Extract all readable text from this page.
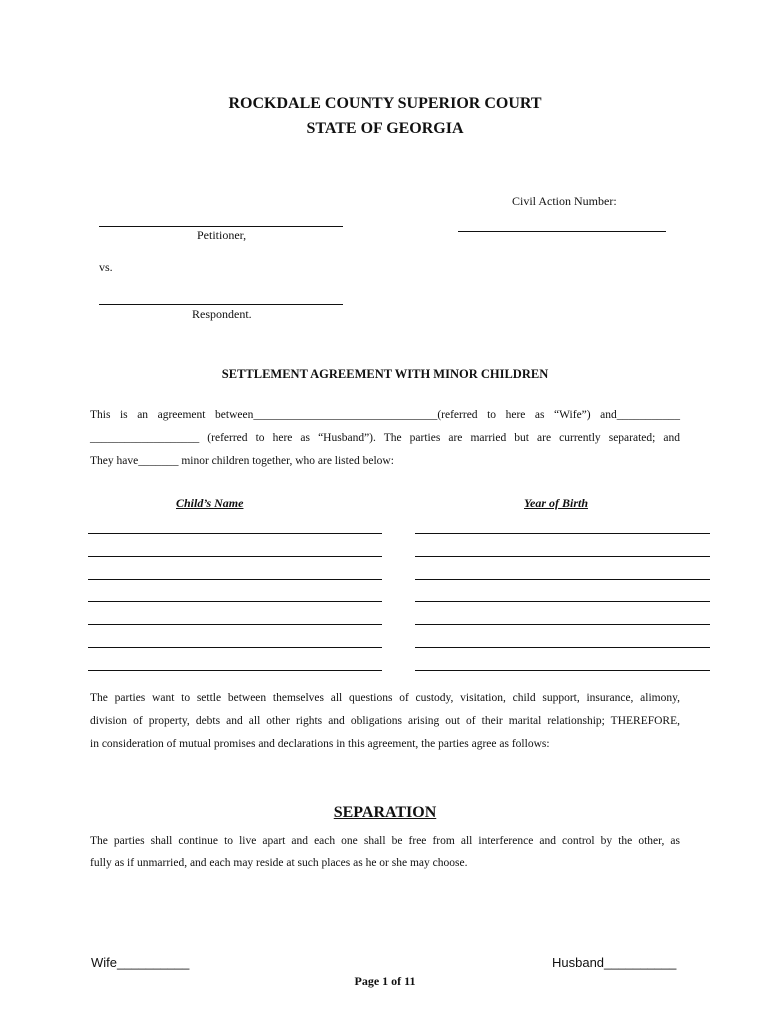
ROCKDALE COUNTY SUPERIOR COURT
STATE OF GEORGIA
Civil Action Number:
Petitioner,
vs.
Respondent.
SETTLEMENT AGREEMENT WITH MINOR CHILDREN
This is an agreement between________________________________(referred to here as “Wife”) and___________
___________________ (referred to here as “Husband”). The parties are married but are currently separated; and
They have_______ minor children together, who are listed below:
Child’s Name	Year of Birth
The parties want to settle between themselves all questions of custody, visitation, child support, insurance, alimony,
division of property, debts and all other rights and obligations arising out of their marital relationship; THEREFORE,
in consideration of mutual promises and declarations in this agreement, the parties agree as follows:
SEPARATION
The parties shall continue to live apart and each one shall be free from all interference and control by the other, as
fully as if unmarried, and each may reside at such places as he or she may choose.
Wife__________	Husband__________
Page 1 of 11
